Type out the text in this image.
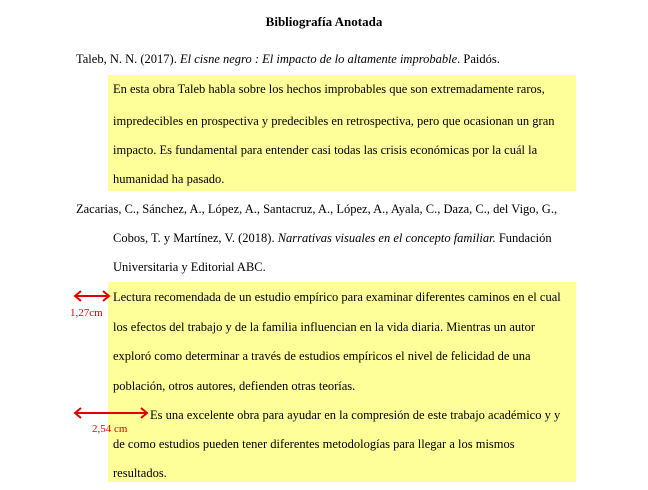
Bibliografía Anotada
Taleb, N. N. (2017). El cisne negro : El impacto de lo altamente improbable. Paidós.
En esta obra Taleb habla sobre los hechos improbables que son extremadamente raros,
impredecibles en prospectiva y predecibles en retrospectiva, pero que ocasionan un gran
impacto. Es fundamental para entender casi todas las crisis económicas por la cuál la
humanidad ha pasado.
Zacarias, C., Sánchez, A., López, A., Santacruz, A., López, A., Ayala, C., Daza, C., del Vigo, G.,
Cobos, T. y Martínez, V. (2018). Narrativas visuales en el concepto familiar. Fundación
Universitaria y Editorial ABC.
Lectura recomendada de un estudio empírico para examinar diferentes caminos en el cual
los efectos del trabajo y de la familia influencian en la vida diaria. Mientras un autor
exploró como determinar a través de estudios empíricos el nivel de felicidad de una
población, otros autores, defienden otras teorías.
Es una excelente obra para ayudar en la compresión de este trabajo académico y y
de como estudios pueden tener diferentes metodologías para llegar a los mismos
resultados.
1,27cm
2,54 cm
